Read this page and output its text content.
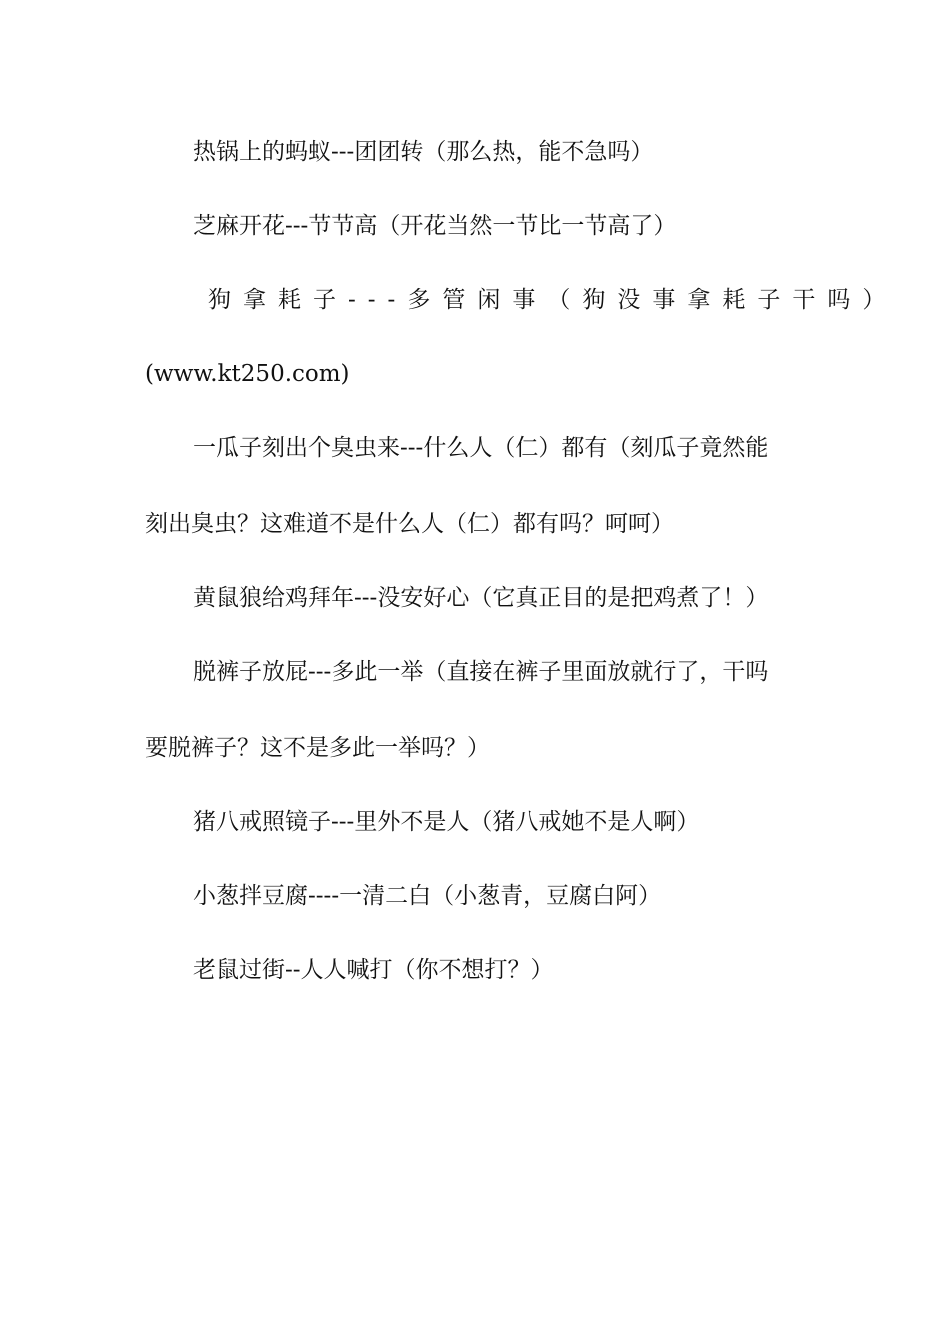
热锅上的蚂蚁---团团转（那么热，能不急吗）
芝麻开花---节节高（开花当然一节比一节高了）
狗拿耗子---多管闲事（狗没事拿耗子干吗）
(www.kt250.com)
一瓜子刻出个臭虫来---什么人（仁）都有（刻瓜子竟然能
刻出臭虫？这难道不是什么人（仁）都有吗？呵呵）
黄鼠狼给鸡拜年---没安好心（它真正目的是把鸡煮了！）
脱裤子放屁---多此一举（直接在裤子里面放就行了，干吗
要脱裤子？这不是多此一举吗？）
猪八戒照镜子---里外不是人（猪八戒她不是人啊）
小葱拌豆腐----一清二白（小葱青，豆腐白阿）
老鼠过街--人人喊打（你不想打？）
